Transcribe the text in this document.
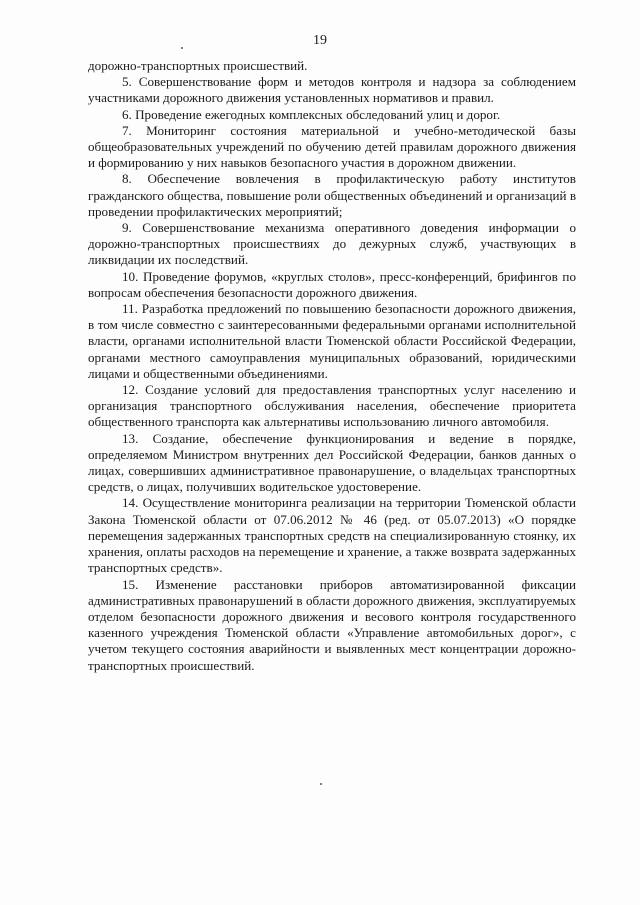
19

дорожно-транспортных происшествий.

5. Совершенствование форм и методов контроля и надзора за соблюдением участниками дорожного движения установленных нормативов и правил.

6. Проведение ежегодных комплексных обследований улиц и дорог.

7. Мониторинг состояния материальной и учебно-методической базы общеобразовательных учреждений по обучению детей правилам дорожного движения и формированию у них навыков безопасного участия в дорожном движении.

8. Обеспечение вовлечения в профилактическую работу институтов гражданского общества, повышение роли общественных объединений и организаций в проведении профилактических мероприятий;

9. Совершенствование механизма оперативного доведения информации о дорожно-транспортных происшествиях до дежурных служб, участвующих в ликвидации их последствий.

10. Проведение форумов, «круглых столов», пресс-конференций, брифингов по вопросам обеспечения безопасности дорожного движения.

11. Разработка предложений по повышению безопасности дорожного движения, в том числе совместно с заинтересованными федеральными органами исполнительной власти, органами исполнительной власти Тюменской области Российской Федерации, органами местного самоуправления муниципальных образований, юридическими лицами и общественными объединениями.

12. Создание условий для предоставления транспортных услуг населению и организация транспортного обслуживания населения, обеспечение приоритета общественного транспорта как альтернативы использованию личного автомобиля.

13. Создание, обеспечение функционирования и ведение в порядке, определяемом Министром внутренних дел Российской Федерации, банков данных о лицах, совершивших административное правонарушение, о владельцах транспортных средств, о лицах, получивших водительское удостоверение.

14. Осуществление мониторинга реализации на территории Тюменской области Закона Тюменской области от 07.06.2012 № 46 (ред. от 05.07.2013) «О порядке перемещения задержанных транспортных средств на специализированную стоянку, их хранения, оплаты расходов на перемещение и хранение, а также возврата задержанных транспортных средств».

15. Изменение расстановки приборов автоматизированной фиксации административных правонарушений в области дорожного движения, эксплуатируемых отделом безопасности дорожного движения и весового контроля государственного казенного учреждения Тюменской области «Управление автомобильных дорог», с учетом текущего состояния аварийности и выявленных мест концентрации дорожно-транспортных происшествий.
